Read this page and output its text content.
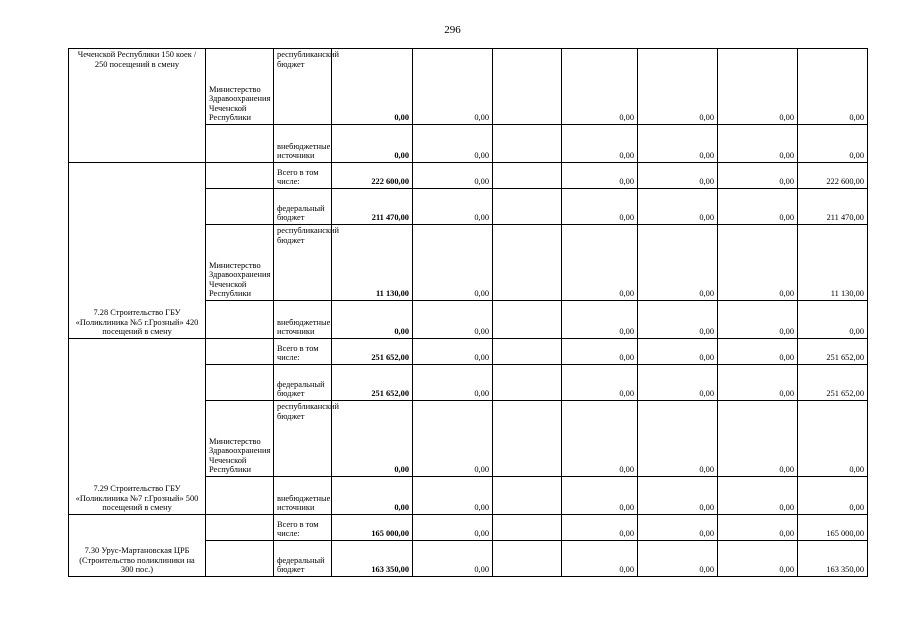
296
Чеченской Республики 150 коек / 250 посещений в смену	Министерство Здравоохранения Чеченской Республики	республиканский бюджет	0,00	0,00		0,00	0,00	0,00	0,00
		внебюджетные источники	0,00	0,00		0,00	0,00	0,00	0,00
7.28 Строительство ГБУ «Поликлиника №5 г.Грозный» 420 посещений в смену		Всего в том числе:	222 600,00	0,00		0,00	0,00	0,00	222 600,00
		федеральный бюджет	211 470,00	0,00		0,00	0,00	0,00	211 470,00
	Министерство Здравоохранения Чеченской Республики	республиканский бюджет	11 130,00	0,00		0,00	0,00	0,00	11 130,00
		внебюджетные источники	0,00	0,00		0,00	0,00	0,00	0,00
7.29 Строительство ГБУ «Поликлиника №7 г.Грозный» 500 посещений в смену		Всего в том числе:	251 652,00	0,00		0,00	0,00	0,00	251 652,00
		федеральный бюджет	251 652,00	0,00		0,00	0,00	0,00	251 652,00
	Министерство Здравоохранения Чеченской Республики	республиканский бюджет	0,00	0,00		0,00	0,00	0,00	0,00
		внебюджетные источники	0,00	0,00		0,00	0,00	0,00	0,00
7.30 Урус-Мартановская ЦРБ (Строительство поликлиники на 300 пос.)		Всего в том числе:	165 000,00	0,00		0,00	0,00	0,00	165 000,00
		федеральный бюджет	163 350,00	0,00		0,00	0,00	0,00	163 350,00
